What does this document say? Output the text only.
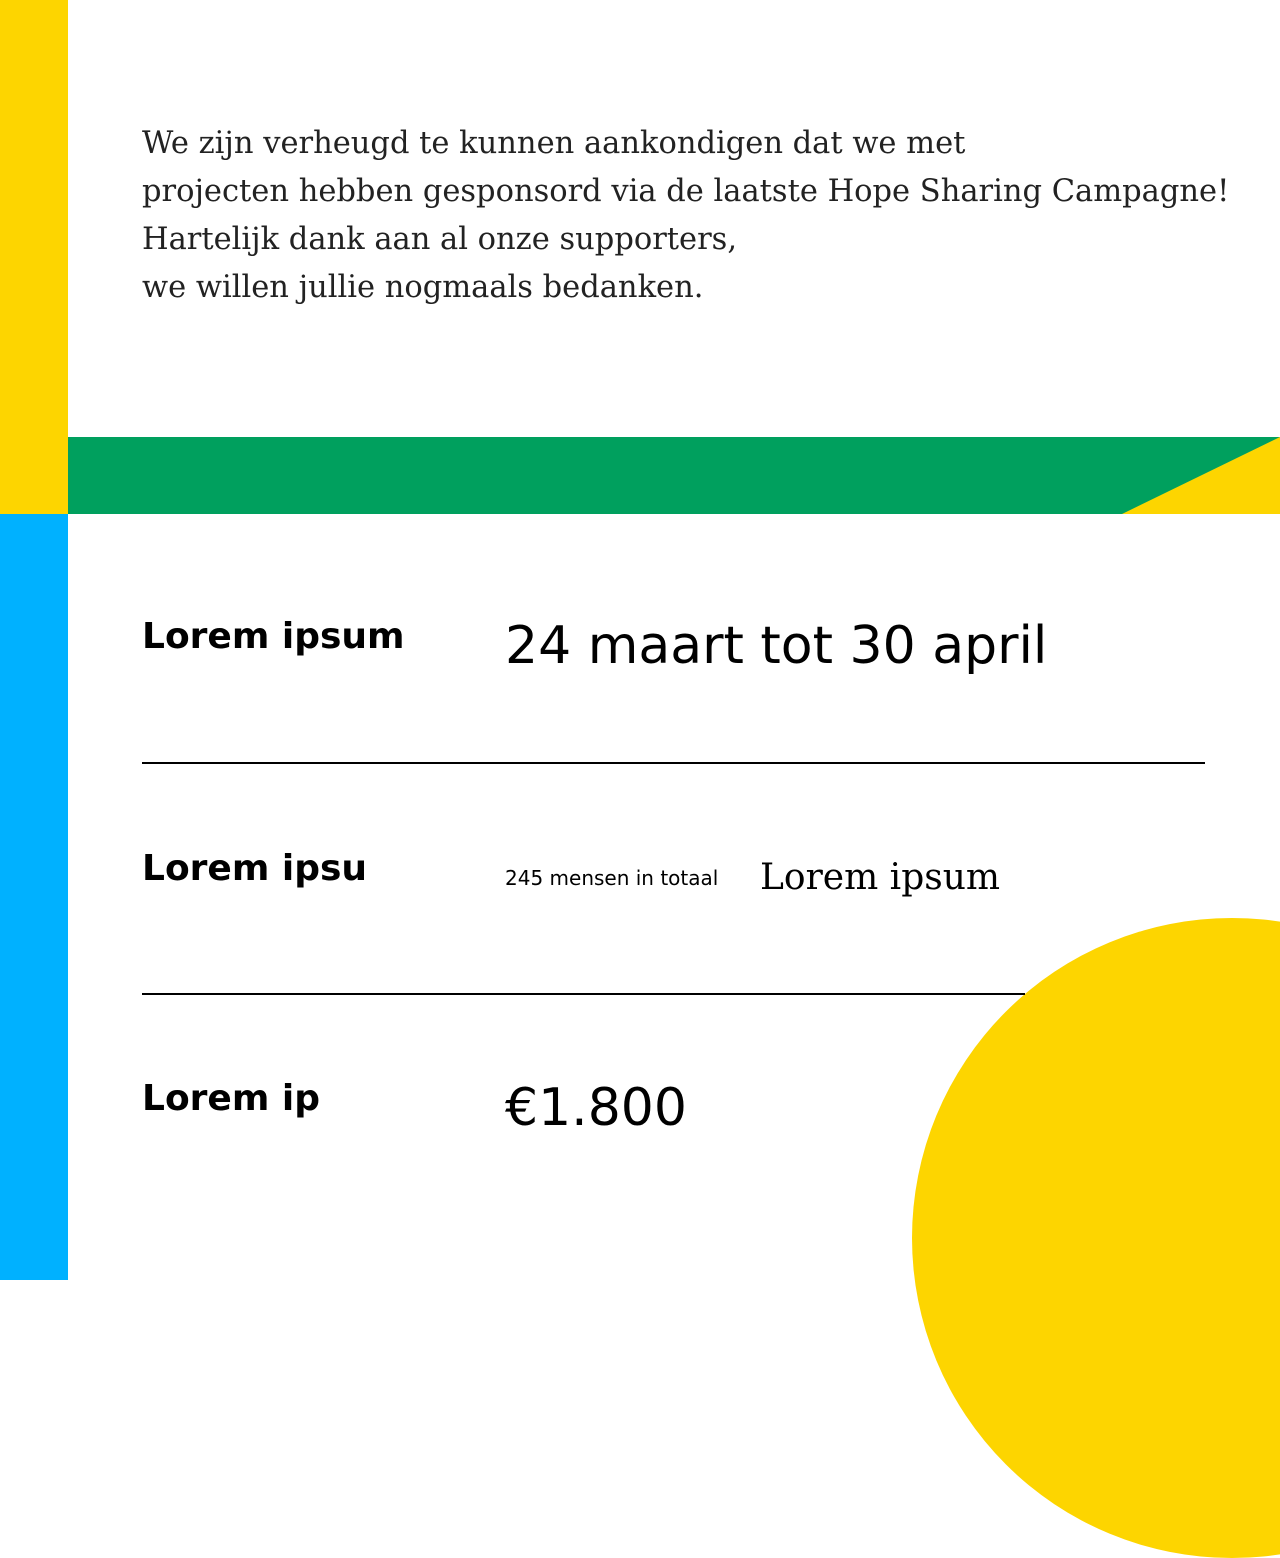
We zijn verheugd te kunnen aankondigen dat we met
projecten hebben gesponsord via de laatste Hope Sharing Campagne!
Hartelijk dank aan al onze supporters,
we willen jullie nogmaals bedanken.
Lorem ipsum 24 maart tot 30 april
Lorem ipsu	245 mensen in totaal Lorem ipsum
Lorem ip	€1.800
